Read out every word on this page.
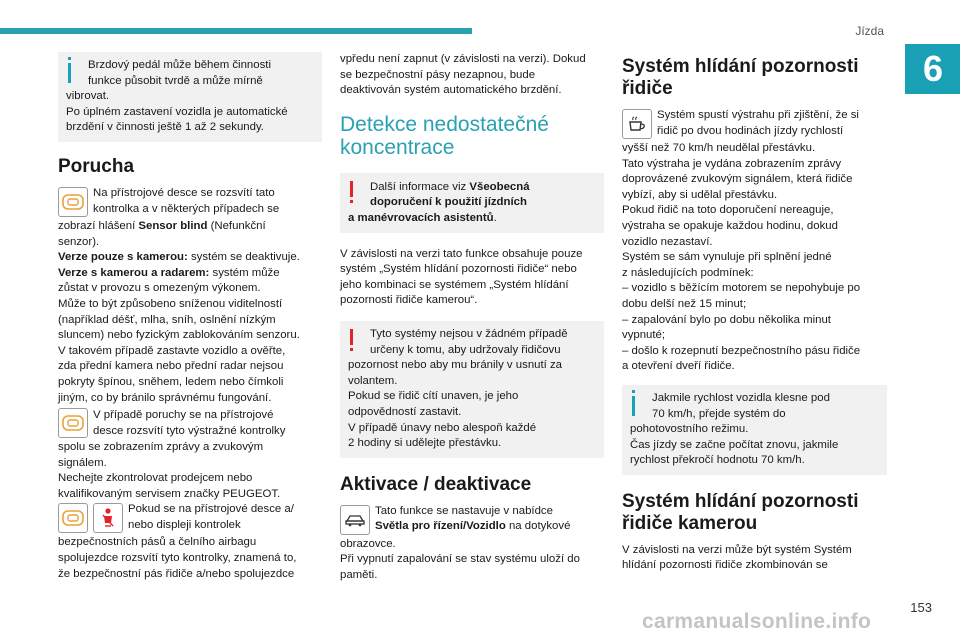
Jízda
6
Brzdový pedál může během činnosti
funkce působit tvrdě a může mírně
vibrovat.
Po úplném zastavení vozidla je automatické
brzdění v činnosti ještě 1 až 2 sekundy.
Porucha

Na přístrojové desce se rozsvítí tato
kontrolka a v některých případech se

zobrazí hlášení Sensor blind (Nefunkční

senzor).

Verze pouze s kamerou: systém se deaktivuje.

Verze s kamerou a radarem: systém může

zůstat v provozu s omezeným výkonem.

Může to být způsobeno sníženou viditelností

(například déšť, mlha, sníh, oslnění nízkým

sluncem) nebo fyzickým zablokováním senzoru.

V takovém případě zastavte vozidlo a ověřte,

zda přední kamera nebo přední radar nejsou

pokryty špínou, sněhem, ledem nebo čímkoli

jiným, co by bránilo správnému fungování.

V případě poruchy se na přístrojové
desce rozsvítí tyto výstražné kontrolky

spolu se zobrazením zprávy a zvukovým

signálem.

Nechejte zkontrolovat prodejcem nebo

kvalifikovaným servisem značky PEUGEOT.

Pokud se na přístrojové desce a/
nebo displeji kontrolek

bezpečnostních pásů a čelního airbagu

spolujezdce rozsvítí tyto kontrolky, znamená to,

že bezpečnostní pás řidiče a/nebo spolujezdce

vpředu není zapnut (v závislosti na verzi). Dokud

se bezpečnostní pásy nezapnou, bude

deaktivován systém automatického brzdění.

Detekce nedostatečné koncentrace
Další informace viz Všeobecná
doporučení k použití jízdních
a manévrovacích asistentů.

V závislosti na verzi tato funkce obsahuje pouze

systém „Systém hlídání pozornosti řidiče“ nebo

jeho kombinaci se systémem „Systém hlídání

pozornosti řidiče kamerou“.

Tyto systémy nejsou v žádném případě
určeny k tomu, aby udržovaly řidičovu
pozornost nebo aby mu bránily v usnutí za
volantem.
Pokud se řidič cítí unaven, je jeho
odpovědností zastavit.
V případě únavy nebo alespoň každé
2 hodiny si udělejte přestávku.
Aktivace / deaktivace

Tato funkce se nastavuje v nabídce
Světla pro řízení/Vozidlo na dotykové

obrazovce.

Při vypnutí zapalování se stav systému uloží do

paměti.

Systém hlídání pozornosti řidiče

Systém spustí výstrahu při zjištění, že si
řidič po dvou hodinách jízdy rychlostí

vyšší než 70 km/h neudělal přestávku.

Tato výstraha je vydána zobrazením zprávy

doprovázené zvukovým signálem, která řidiče

vybízí, aby si udělal přestávku.

Pokud řidič na toto doporučení nereaguje,

výstraha se opakuje každou hodinu, dokud

vozidlo nezastaví.

Systém se sám vynuluje při splnění jedné

z následujících podmínek:

– vozidlo s běžícím motorem se nepohybuje po

dobu delší než 15 minut;

– zapalování bylo po dobu několika minut

vypnuté;

– došlo k rozepnutí bezpečnostního pásu řidiče

a otevření dveří řidiče.

Jakmile rychlost vozidla klesne pod
70 km/h, přejde systém do
pohotovostního režimu.
Čas jízdy se začne počítat znovu, jakmile
rychlost překročí hodnotu 70 km/h.
Systém hlídání pozornosti řidiče kamerou

V závislosti na verzi může být systém Systém

hlídání pozornosti řidiče zkombinován se

153
carmanualsonline.info
